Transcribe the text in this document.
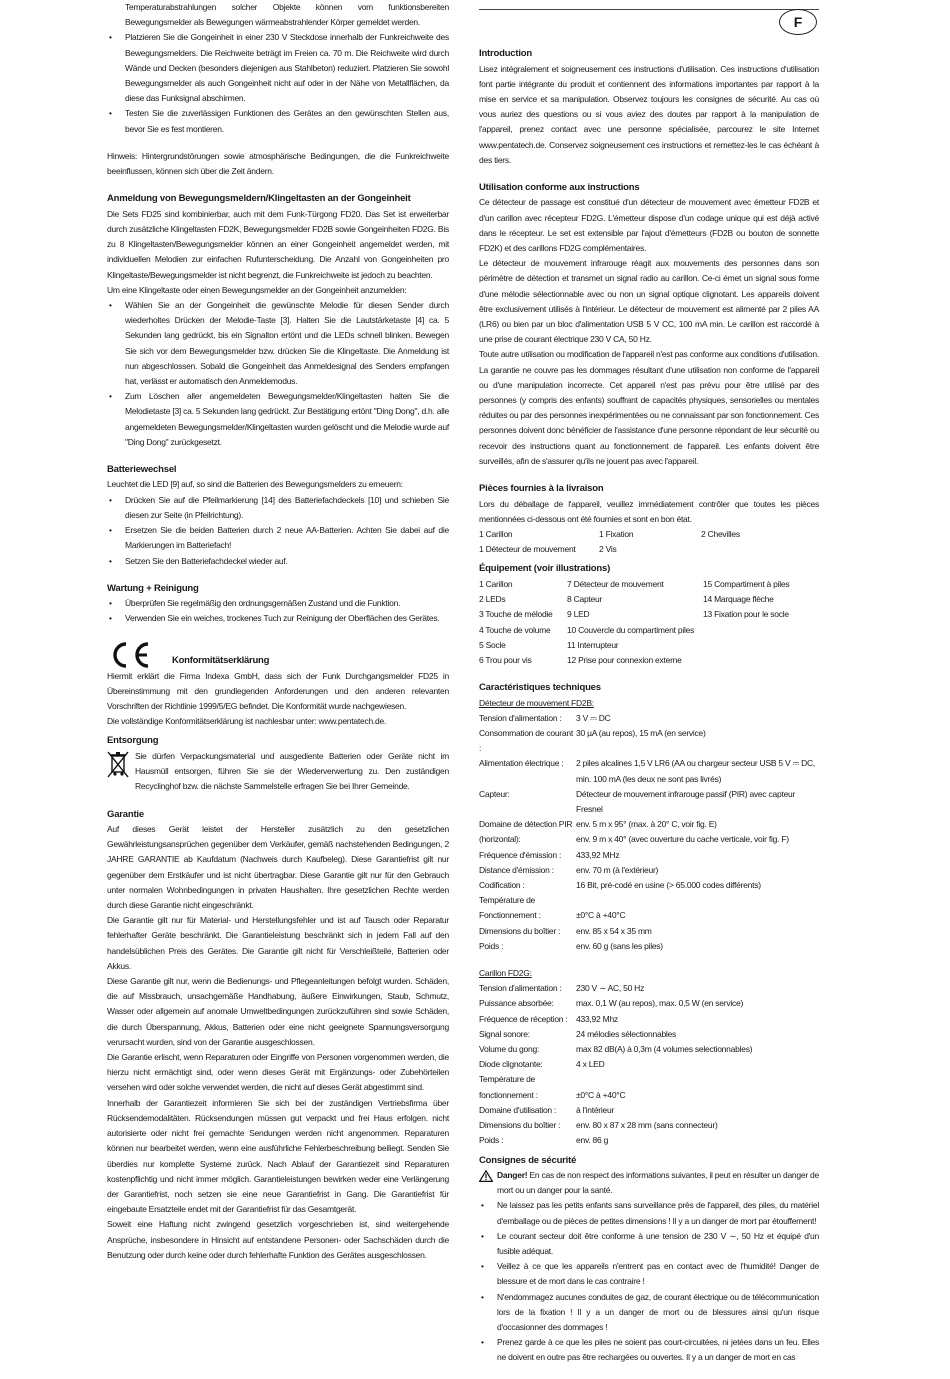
F

Temperaturabstrahlungen solcher Objekte können vom funktionsbereiten Bewegungsmelder als Bewegungen wärmeabstrahlender Körper gemeldet werden.

• Platzieren Sie die Gongeinheit in einer 230 V Steckdose innerhalb der Funkreichweite des Bewegungsmelders. Die Reichweite beträgt im Freien ca. 70 m. Die Reichweite wird durch Wände und Decken (besonders diejenigen aus Stahlbeton) reduziert. Platzieren Sie sowohl Bewegungsmelder als auch Gongeinheit nicht auf oder in der Nähe von Metallflächen, da diese das Funksignal abschirmen.
• Testen Sie die zuverlässigen Funktionen des Gerätes an den gewünschten Stellen aus, bevor Sie es fest montieren.

Hinweis: Hintergrundstörungen sowie atmosphärische Bedingungen, die die Funkreichweite beeinflussen, können sich über die Zeit ändern.

Anmeldung von Bewegungsmeldern/Klingeltasten an der Gongeinheit

Die Sets FD25 sind kombinierbar, auch mit dem Funk-Türgong FD20. Das Set ist erweiterbar durch zusätzliche Klingeltasten FD2K, Bewegungsmelder FD2B sowie Gongeinheiten FD2G. Bis zu 8 Klingeltasten/Bewegungsmelder können an einer Gongeinheit angemeldet werden, mit individuellen Melodien zur einfachen Rufunterscheidung. Die Anzahl von Gongeinheiten pro Klingeltaste/Bewegungsmelder ist nicht begrenzt, die Funkreichweite ist jedoch zu beachten.

Um eine Klingeltaste oder einen Bewegungsmelder an der Gongeinheit anzumelden:

• Wählen Sie an der Gongeinheit die gewünschte Melodie für diesen Sender durch wiederholtes Drücken der Melodie-Taste [3]. Halten Sie die Lautstärketaste [4] ca. 5 Sekunden lang gedrückt, bis ein Signalton ertönt und die LEDs schnell blinken. Bewegen Sie sich vor dem Bewegungsmelder bzw. drücken Sie die Klingeltaste. Die Anmeldung ist nun abgeschlossen. Sobald die Gongeinheit das Anmeldesignal des Senders empfangen hat, verlässt er automatisch den Anmeldemodus.
• Zum Löschen aller angemeldeten Bewegungsmelder/Klingeltasten halten Sie die Melodietaste [3] ca. 5 Sekunden lang gedrückt. Zur Bestätigung ertönt "Ding Dong", d.h. alle angemeldeten Bewegungsmelder/Klingeltasten wurden gelöscht und die Melodie wurde auf "Ding Dong" zurückgesetzt.
Batteriewechsel

Leuchtet die LED [9] auf, so sind die Batterien des Bewegungsmelders zu erneuern:

• Drücken Sie auf die Pfeilmarkierung [14] des Batteriefachdeckels [10] und schieben Sie diesen zur Seite (in Pfeilrichtung).
• Ersetzen Sie die beiden Batterien durch 2 neue AA-Batterien. Achten Sie dabei auf die Markierungen im Batteriefach!
• Setzen Sie den Batteriefachdeckel wieder auf.
Wartung + Reinigung
• Überprüfen Sie regelmäßig den ordnungsgemäßen Zustand und die Funktion.
• Verwenden Sie ein weiches, trockenes Tuch zur Reinigung der Oberflächen des Gerätes.
CE
Konformitätserklärung

Hiermit erklärt die Firma Indexa GmbH, dass sich der Funk Durchgangsmelder FD25 in Übereinstimmung mit den grundlegenden Anforderungen und den anderen relevanten Vorschriften der Richtlinie 1999/5/EG befindet. Die Konformität wurde nachgewiesen.

Die vollständige Konformitätserklärung ist nachlesbar unter: www.pentatech.de.

Entsorgung

Sie dürfen Verpackungsmaterial und ausgediente Batterien oder Geräte nicht im Hausmüll entsorgen, führen Sie sie der Wiederverwertung zu. Den zuständigen Recyclinghof bzw. die nächste Sammelstelle erfragen Sie bei Ihrer Gemeinde.

Garantie

Auf dieses Gerät leistet der Hersteller zusätzlich zu den gesetzlichen Gewährleistungsansprüchen gegenüber dem Verkäufer, gemäß nachstehenden Bedingungen, 2 JAHRE GARANTIE ab Kaufdatum (Nachweis durch Kaufbeleg). Diese Garantiefrist gilt nur gegenüber dem Erstkäufer und ist nicht übertragbar. Diese Garantie gilt nur für den Gebrauch unter normalen Wohnbedingungen in privaten Haushalten. Ihre gesetzlichen Rechte werden durch diese Garantie nicht eingeschränkt.

Die Garantie gilt nur für Material- und Herstellungsfehler und ist auf Tausch oder Reparatur fehlerhafter Geräte beschränkt. Die Garantieleistung beschränkt sich in jedem Fall auf den handelsüblichen Preis des Gerätes. Die Garantie gilt nicht für Verschleißteile, Batterien oder Akkus.

Diese Garantie gilt nur, wenn die Bedienungs- und Pflegeanleitungen befolgt wurden. Schäden, die auf Missbrauch, unsachgemäße Handhabung, äußere Einwirkungen, Staub, Schmutz, Wasser oder allgemein auf anomale Umweltbedingungen zurückzuführen sind sowie Schäden, die durch Überspannung, Akkus, Batterien oder eine nicht geeignete Spannungsversorgung verursacht wurden, sind von der Garantie ausgeschlossen.

Die Garantie erlischt, wenn Reparaturen oder Eingriffe von Personen vorgenommen werden, die hierzu nicht ermächtigt sind, oder wenn dieses Gerät mit Ergänzungs- oder Zubehörteilen versehen wird oder solche verwendet werden, die nicht auf dieses Gerät abgestimmt sind.

Innerhalb der Garantiezeit informieren Sie sich bei der zuständigen Vertriebsfirma über Rücksendemodalitäten. Rücksendungen müssen gut verpackt und frei Haus erfolgen. nicht autorisierte oder nicht frei gemachte Sendungen werden nicht angenommen. Reparaturen können nur bearbeitet werden, wenn eine ausführliche Fehlerbeschreibung beiliegt. Senden Sie überdies nur komplette Systeme zurück. Nach Ablauf der Garantiezeit sind Reparaturen kostenpflichtig und nicht immer möglich. Garantieleistungen bewirken weder eine Verlängerung der Garantiefrist, noch setzen sie eine neue Garantiefrist in Gang. Die Garantiefrist für eingebaute Ersatzteile endet mit der Garantiefrist für das Gesamtgerät.

Soweit eine Haftung nicht zwingend gesetzlich vorgeschrieben ist, sind weitergehende Ansprüche, insbesondere in Hinsicht auf entstandene Personen- oder Sachschäden durch die Benutzung oder durch keine oder durch fehlerhafte Funktion des Gerätes ausgeschlossen.

Introduction

Lisez intégralement et soigneusement ces instructions d'utilisation. Ces instructions d'utilisation font partie intégrante du produit et contiennent des informations importantes par rapport à la mise en service et sa manipulation. Observez toujours les consignes de sécurité. Au cas où vous auriez des questions ou si vous aviez des doutes par rapport à la manipulation de l'appareil, prenez contact avec une personne spécialisée, parcourez le site Internet www.pentatech.de. Conservez soigneusement ces instructions et remettez-les le cas échéant à des tiers.

Utilisation conforme aux instructions

Ce détecteur de passage est constitué d'un détecteur de mouvement avec émetteur FD2B et d'un carillon avec récepteur FD2G. L'émetteur dispose d'un codage unique qui est déjà activé dans le récepteur. Le set est extensible par l'ajout d'émetteurs (FD2B ou bouton de sonnette FD2K) et des carillons FD2G complémentaires.

Le détecteur de mouvement infrarouge réagit aux mouvements des personnes dans son périmètre de détection et transmet un signal radio au carillon. Ce-ci émet un signal sous forme d'une mélodie sélectionnable avec ou non un signal optique clignotant. Les appareils doivent être exclusivement utilisés à l'intérieur. Le détecteur de mouvement est alimenté par 2 piles AA (LR6) ou bien par un bloc d'alimentation USB 5 V CC, 100 mA min. Le carillon est raccordé à une prise de courant électrique 230 V CA, 50 Hz.

Toute autre utilisation ou modification de l'appareil n'est pas conforme aux conditions d'utilisation. La garantie ne couvre pas les dommages résultant d'une utilisation non conforme de l'appareil ou d'une manipulation incorrecte. Cet appareil n'est pas prévu pour être utilisé par des personnes (y compris des enfants) souffrant de capacités physiques, sensorielles ou mentales réduites ou par des personnes inexpérimentées ou ne connaissant par son fonctionnement. Ces personnes doivent donc bénéficier de l'assistance d'une personne répondant de leur sécurité ou recevoir des instructions quant au fonctionnement de l'appareil. Les enfants doivent être surveillés, afin de s'assurer qu'ils ne jouent pas avec l'appareil.

Pièces fournies à la livraison

Lors du déballage de l'appareil, veuillez immédiatement contrôler que toutes les pièces mentionnées ci-dessous ont été fournies et sont en bon état.

1 Carillon	1 Fixation	2 Chevilles
1 Détecteur de mouvement	2 Vis
Équipement (voir illustrations)
1 Carillon	7 Détecteur de mouvement	15 Compartiment à piles
2 LEDs	8 Capteur	14 Marquage flèche
3 Touche de mélodie	9 LED	13 Fixation pour le socle
4 Touche de volume	10 Couvercle du compartiment piles
5 Socle	11 Interrupteur
6 Trou pour vis	12 Prise pour connexion externe
Caractéristiques techniques
Détecteur de mouvement FD2B:
Tension d'alimentation :	3 V ⎓ DC
Consommation de courant :
30 µA (au repos), 15 mA (en service)
Alimentation électrique :	2 piles alcalines 1,5 V LR6 (AA ou chargeur secteur USB 5 V ⎓ DC, min. 100 mA (les deux ne sont pas livrés)
Capteur:	Détecteur de mouvement infrarouge passif (PIR) avec capteur Fresnel
Domaine de détection PIR env. 5 m x 95° (max. à 20° C, voir fig. E)
(horizontal):	env. 9 m x 40° (avec ouverture du cache verticale, voir fig. F)
Fréquence d'émission :	433,92 MHz
Distance d'émission :	env. 70 m (à l'extérieur)
Codification :	16 Bit, pré-codé en usine (> 65.000 codes différents)
Température de
Fonctionnement :	±0°C à +40°C
Dimensions du boîtier :	env. 85 x 54 x 35 mm
Poids :	env. 60 g (sans les piles)
Carillon FD2G:
Tension d'alimentation :	230 V ∼ AC, 50 Hz
Puissance absorbée:	max. 0,1 W (au repos), max. 0,5 W (en service)
Fréquence de réception : 433,92 Mhz
Signal sonore:	24 mélodies sélectionnables
Volume du gong:	max 82 dB(A) à 0,3m (4 volumes selectionnables)
Diode clignotante:	4 x LED
Température de
fonctionnement :	±0°C à +40°C
Domaine d'utilisation :	à l'intérieur
Dimensions du boîtier :	env. 80 x 87 x 28 mm (sans connecteur)
Poids :	env. 86 g
Consignes de sécurité
Danger! En cas de non respect des informations suivantes, il peut en résulter un danger de mort ou un danger pour la santé.
• Ne laissez pas les petits enfants sans surveillance près de l'appareil, des piles, du matériel d'emballage ou de pièces de petites dimensions ! Il y a un danger de mort par étouffement!
• Le courant secteur doit être conforme à une tension de 230 V ∼, 50 Hz et équipé d'un fusible adéquat.
• Veillez à ce que les appareils n'entrent pas en contact avec de l'humidité! Danger de blessure et de mort dans le cas contraire !
• N'endommagez aucunes conduites de gaz, de courant électrique ou de télécommunication lors de la fixation ! Il y a un danger de mort ou de blessures ainsi qu'un risque d'occasionner des dommages !
• Prenez garde à ce que les piles ne soient pas court-circuitées, ni jetées dans un feu. Elles ne doivent en outre pas être rechargées ou ouvertes. Il y a un danger de mort en cas
